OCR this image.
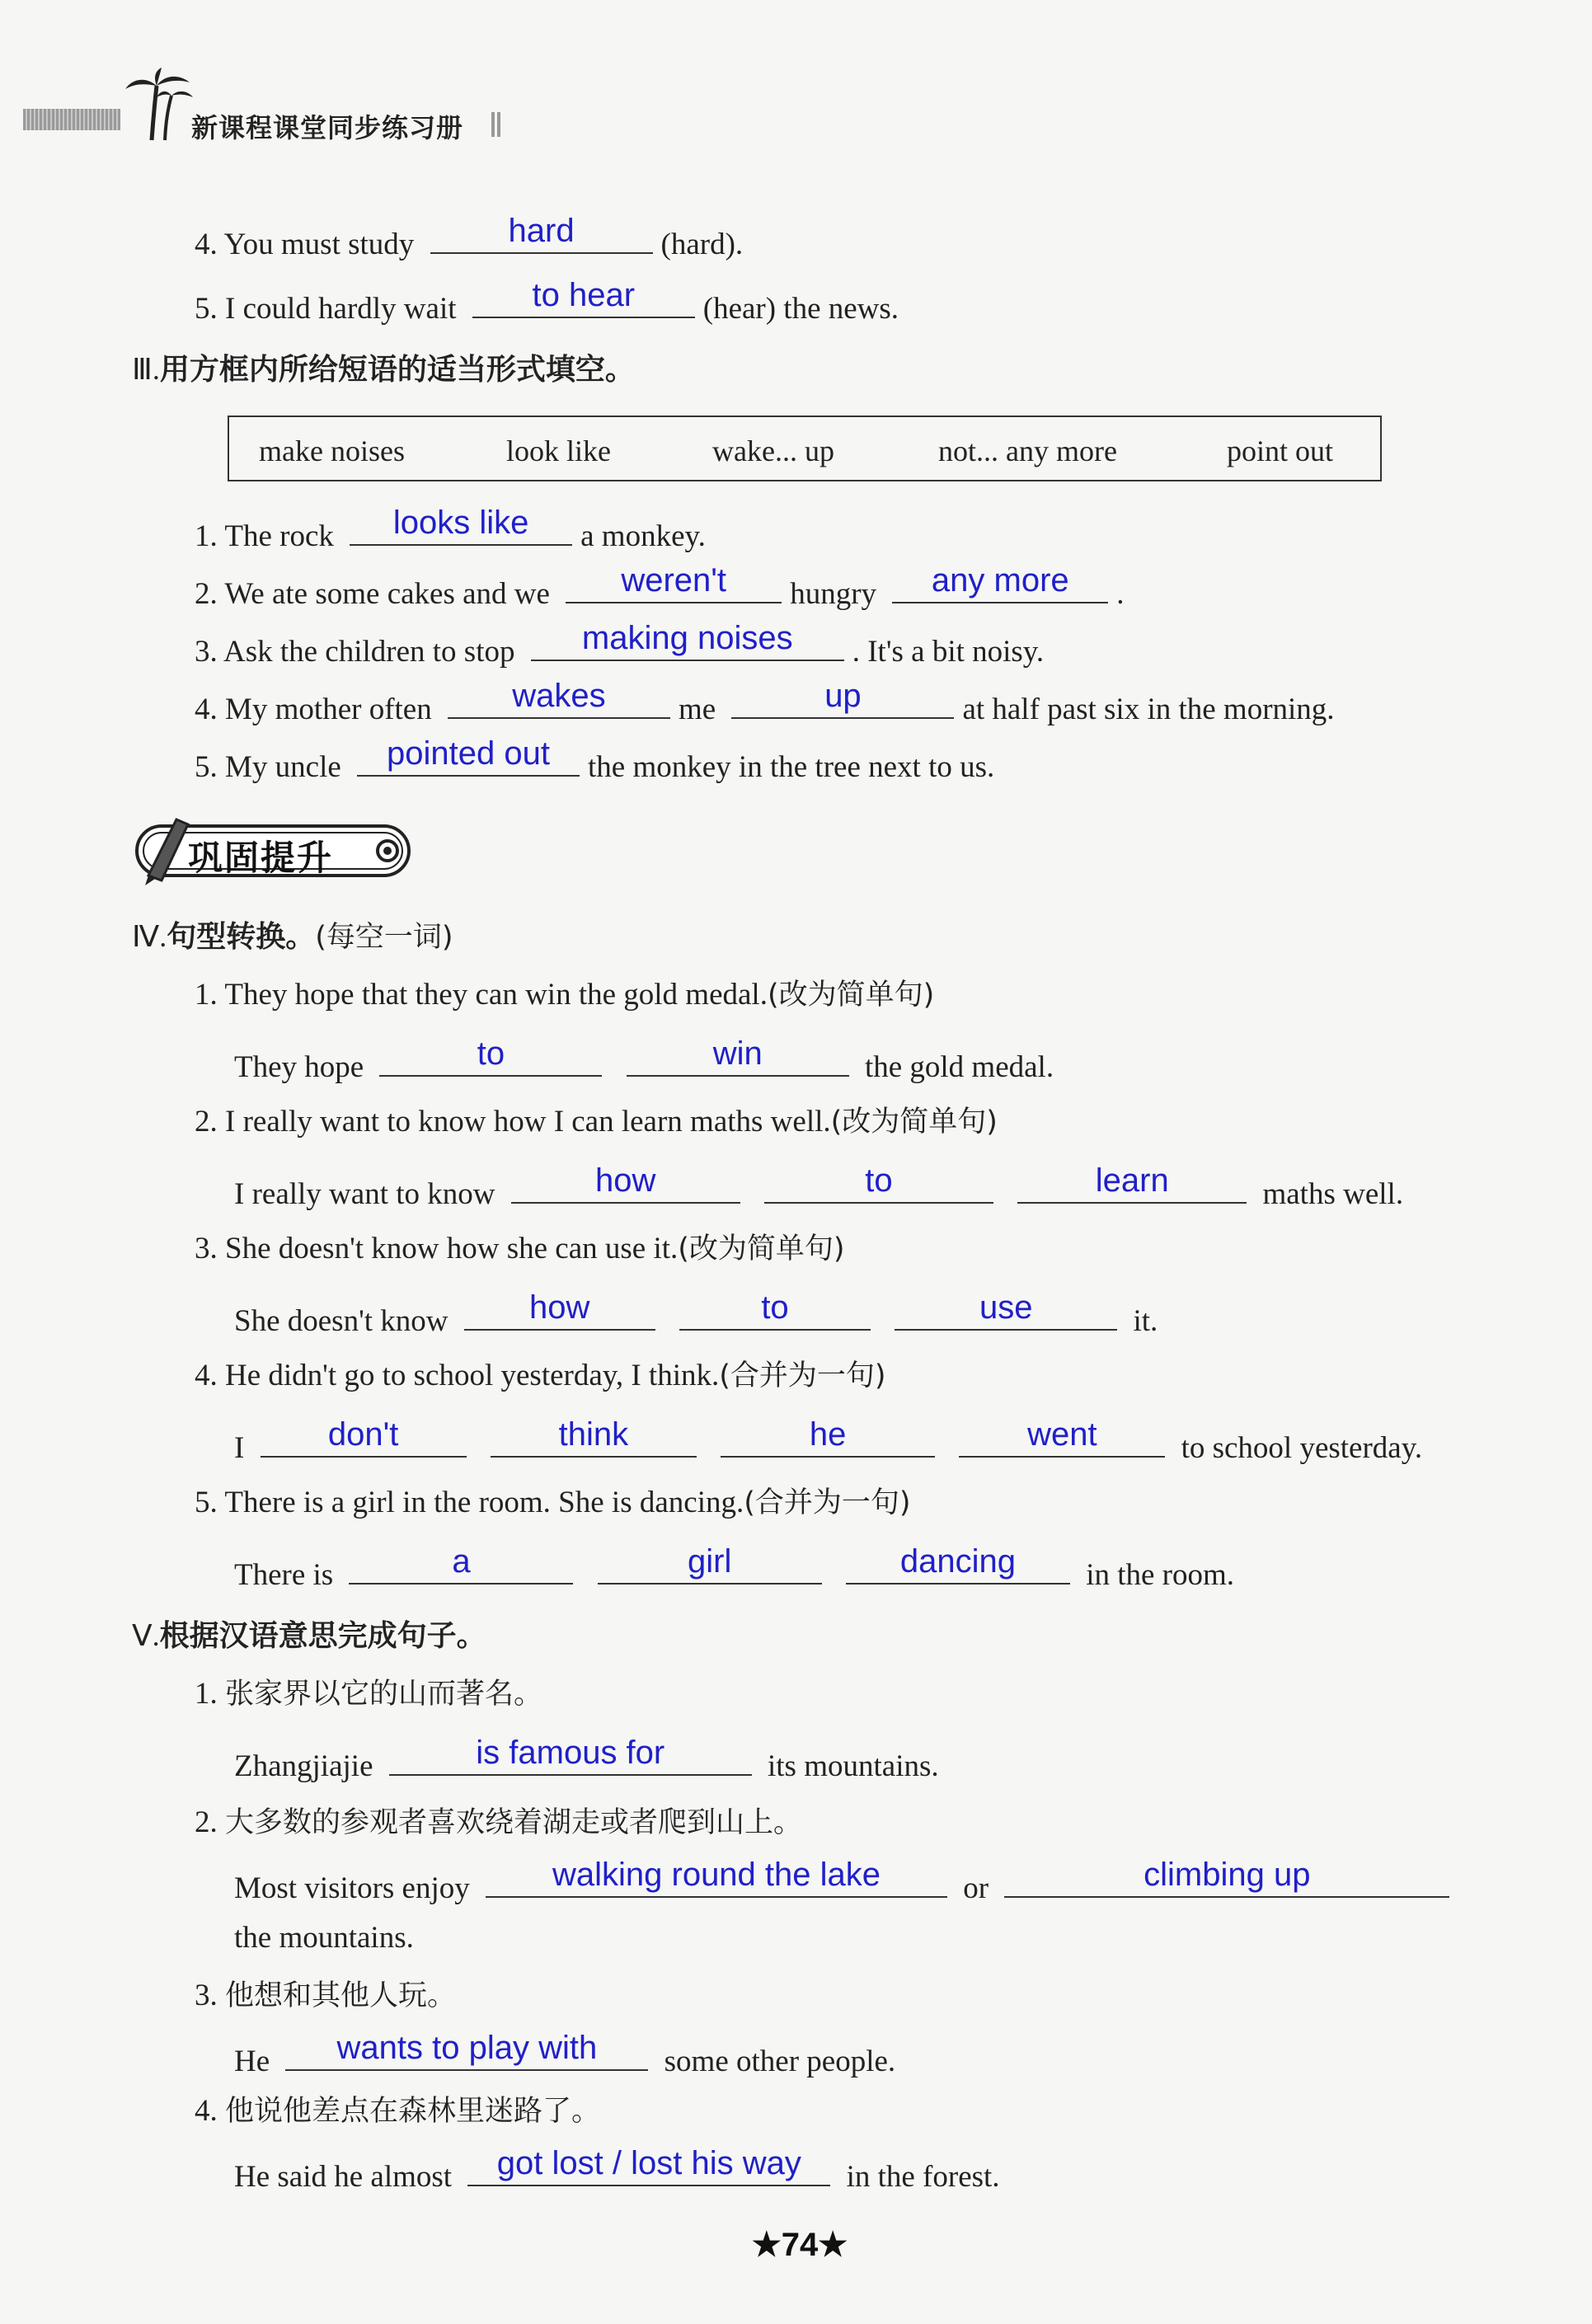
新课程课堂同步练习册
4. You must study	hard	(hard).
5. I could hardly wait	to hear	(hear) the news.
Ⅲ.用方框内所给短语的适当形式填空。
make noises	look like	wake... up	not... any more	point out
1. The rock	looks like	a monkey.
2. We ate some cakes and we	weren't	hungry	any more	.
3. Ask the children to stop	making noises	. It's a bit noisy.
4. My mother often	wakes	me	up	at half past six in the morning.
5. My uncle	pointed out	the monkey in the tree next to us.
巩固提升
Ⅳ.句型转换。(每空一词)
1. They hope that they can win the gold medal.(改为简单句)
They hope	to
	win	the gold medal.
2. I really want to know how I can learn maths well.(改为简单句)
I really want to know	how
	to
	learn	maths well.
3. She doesn't know how she can use it.(改为简单句)
She doesn't know	how
	to
	use	it.
4. He didn't go to school yesterday, I think.(合并为一句)
I	don't
	think
	he
	went	to school yesterday.
5. There is a girl in the room. She is dancing.(合并为一句)
There is	a
	girl
	dancing	in the room.
Ⅴ.根据汉语意思完成句子。
1. 张家界以它的山而著名。
Zhangjiajie	is famous for	its mountains.
2. 大多数的参观者喜欢绕着湖走或者爬到山上。
Most visitors enjoy	walking round the lake	or	climbing up
the mountains.
3. 他想和其他人玩。
He	wants to play with	some other people.
4. 他说他差点在森林里迷路了。
He said he almost	got lost / lost his way	in the forest.
★74★
